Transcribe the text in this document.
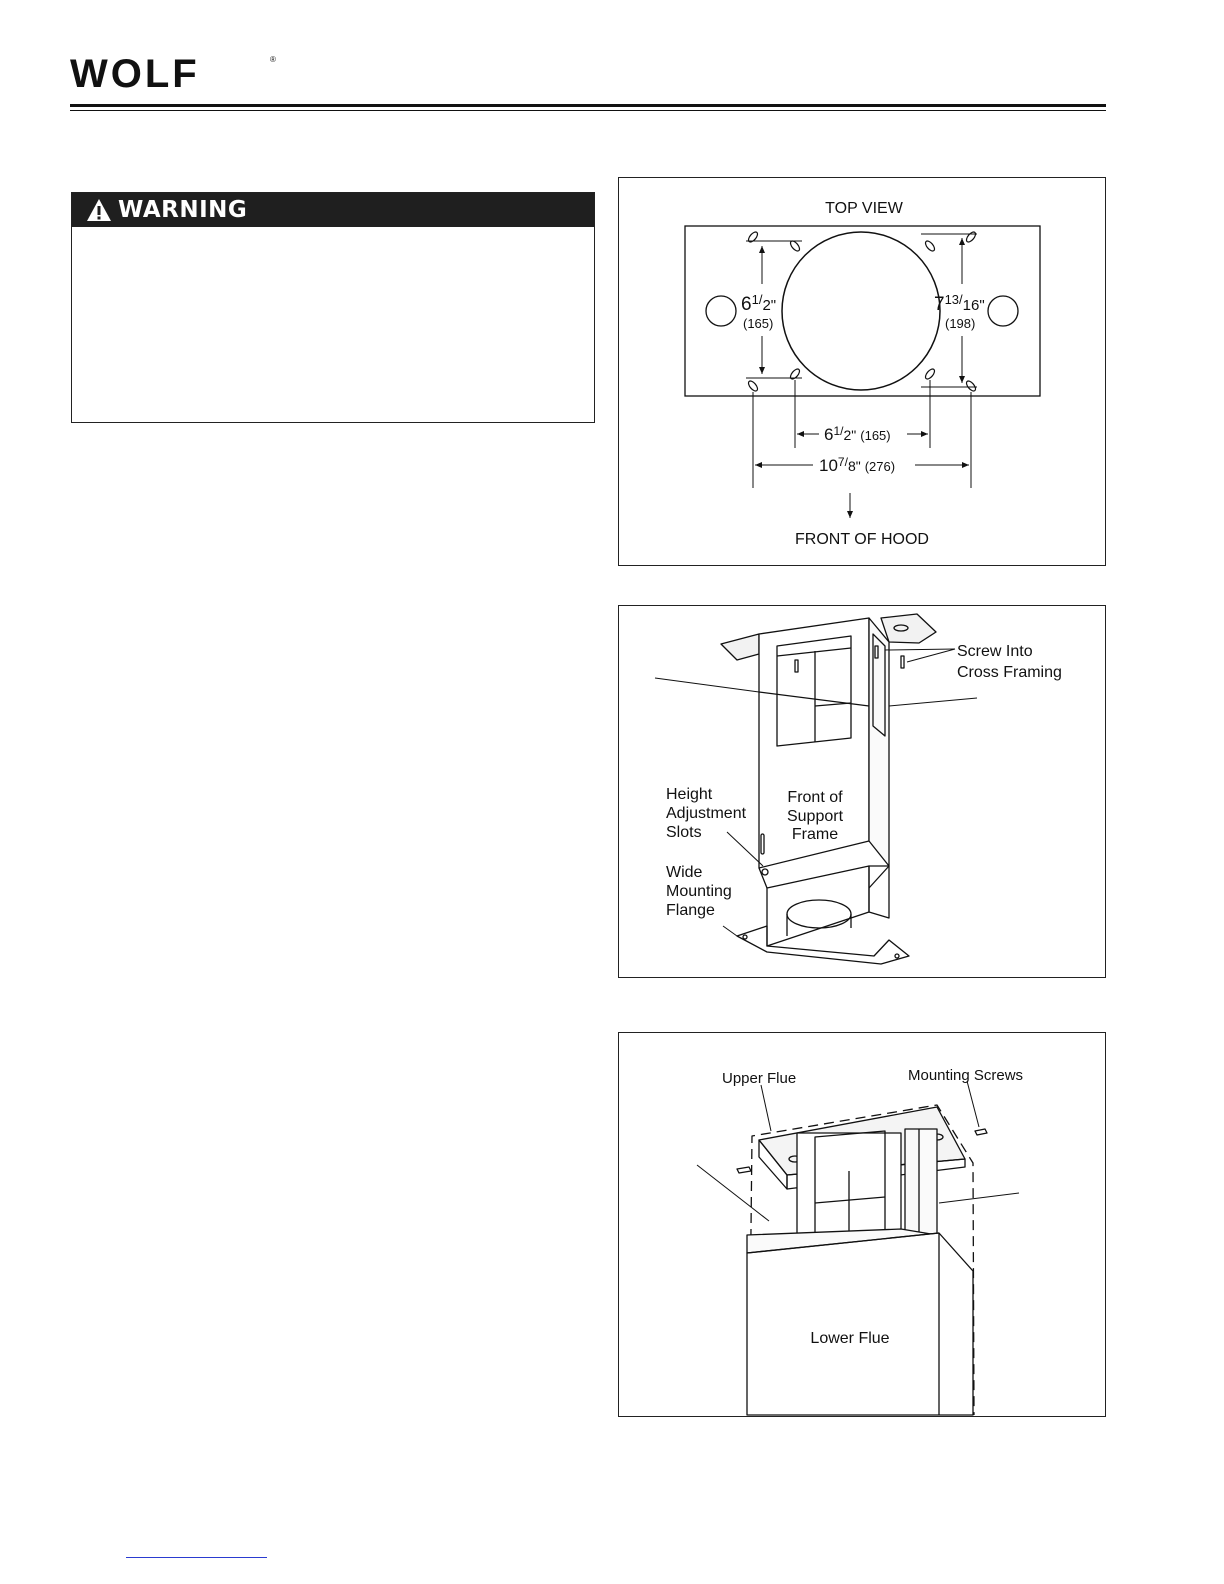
WOLF	®
WARNING	TOP VIEW
$6^1/_{2"}$
(165)
$7^{13}/_{16"}$
(198)
$6^1/_{2"}$ (165)
$10^7/_{8"}$ (276)
FRONT OF HOOD
Screw Into
Cross Framing
Height
Adjustment
Slots
Front of
Support
Frame
Wide
Mounting
Flange
Upper Flue	Mounting Screws
Lower Flue
